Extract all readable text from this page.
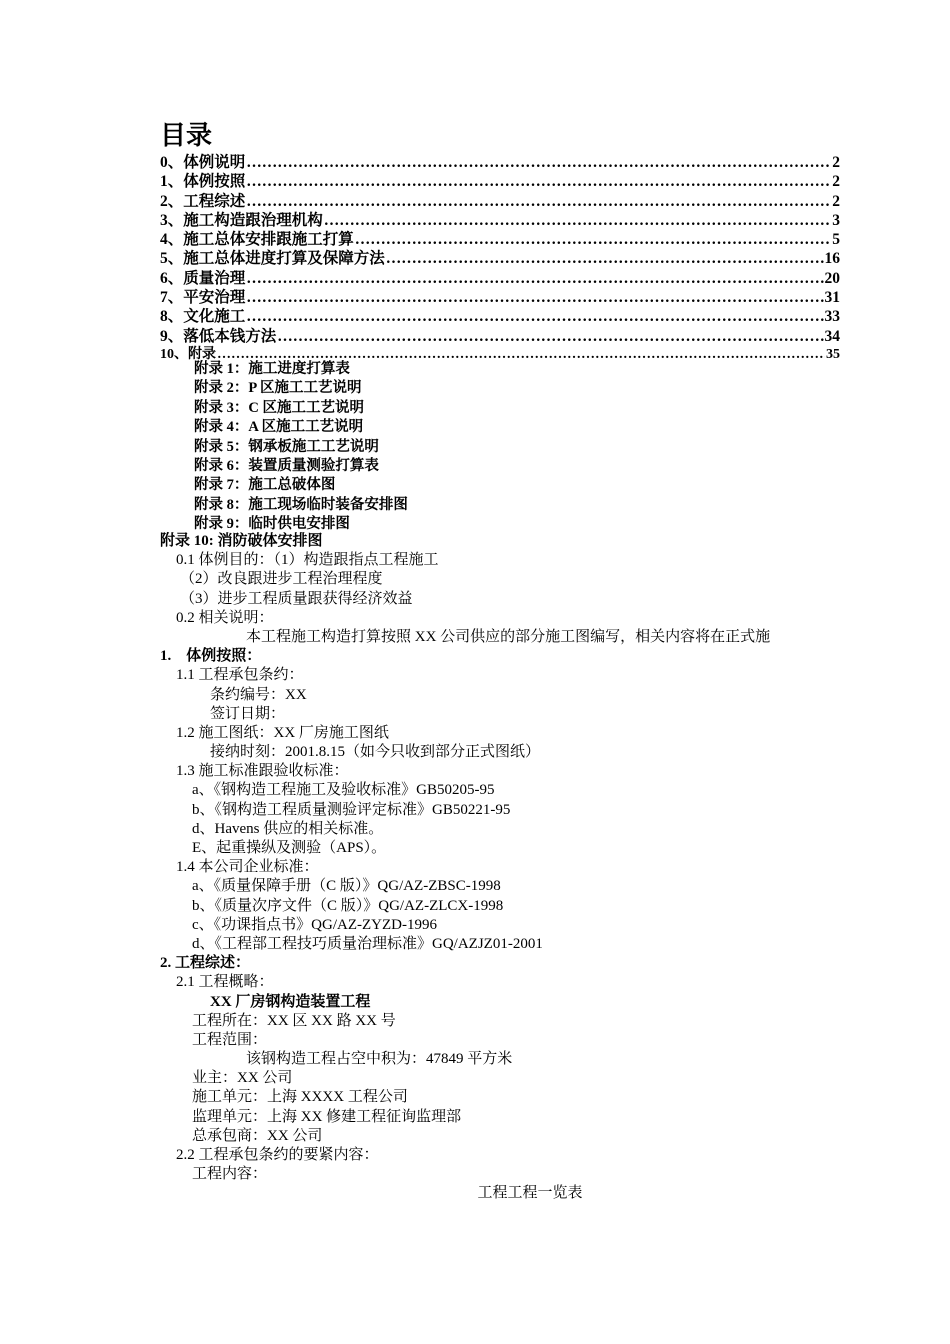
目录
0、体例说明 …………………………………………………………………………………………………………………………………………………………………………………………	2
1、体例按照 …………………………………………………………………………………………………………………………………………………………………………………………	2
2、工程综述 …………………………………………………………………………………………………………………………………………………………………………………………	2
3、施工构造跟治理机构 …………………………………………………………………………………………………………………………………………………………………………………………	3
4、施工总体安排跟施工打算 …………………………………………………………………………………………………………………………………………………………………………………………	5
5、施工总体进度打算及保障方法 …………………………………………………………………………………………………………………………………………………………………………………………	16
6、质量治理 …………………………………………………………………………………………………………………………………………………………………………………………	20
7、平安治理 …………………………………………………………………………………………………………………………………………………………………………………………	31
8、文化施工 …………………………………………………………………………………………………………………………………………………………………………………………	33
9、落低本钱方法 …………………………………………………………………………………………………………………………………………………………………………………………	34
10、附录 …………………………………………………………………………………………………………………………………………………………………………………………	35
附录 1：施工进度打算表
附录 2：P 区施工工艺说明
附录 3：C 区施工工艺说明
附录 4：A 区施工工艺说明
附录 5：钢承板施工工艺说明
附录 6：装置质量测验打算表
附录 7：施工总破体图
附录 8：施工现场临时装备安排图
附录 9：临时供电安排图
附录 10: 消防破体安排图
0.1 体例目的：（1）构造跟指点工程施工
（2）改良跟进步工程治理程度
（3）进步工程质量跟获得经济效益
0.2 相关说明：
本工程施工构造打算按照 XX 公司供应的部分施工图编写，相关内容将在正式施
1.　体例按照：
1.1 工程承包条约：
条约编号：XX
签订日期：
1.2 施工图纸：XX 厂房施工图纸
接纳时刻：2001.8.15（如今只收到部分正式图纸）
1.3 施工标准跟验收标准：
a、《钢构造工程施工及验收标准》GB50205-95
b、《钢构造工程质量测验评定标准》GB50221-95
d、Havens 供应的相关标准。
E、起重操纵及测验（APS）。
1.4 本公司企业标准：
a、《质量保障手册（C 版）》QG/AZ-ZBSC-1998
b、《质量次序文件（C 版）》QG/AZ-ZLCX-1998
c、《功课指点书》QG/AZ-ZYZD-1996
d、《工程部工程技巧质量治理标准》GQ/AZJZ01-2001
2. 工程综述：
2.1 工程概略：
XX 厂房钢构造装置工程
工程所在：XX 区 XX 路 XX 号
工程范围：
该钢构造工程占空中积为：47849 平方米
业主：XX 公司
施工单元：上海 XXXX 工程公司
监理单元：上海 XX 修建工程征询监理部
总承包商：XX 公司
2.2 工程承包条约的要紧内容：
工程内容：
工程工程一览表
